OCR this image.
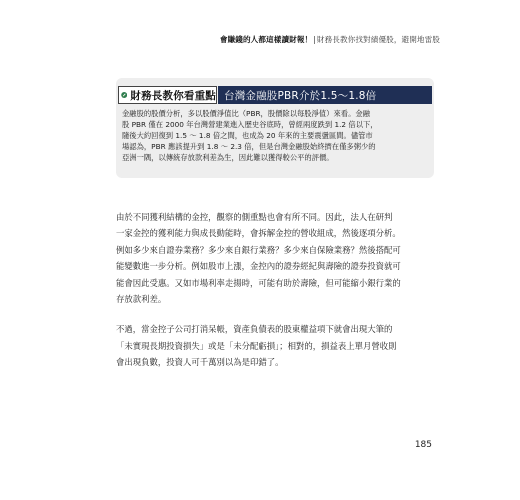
會賺錢的人都這樣讀財報！|財務長教你找對績優股，避開地雷股
財務長教你看重點 台灣金融股PBR介於1.5～1.8倍
金融股的股價分析，多以股價淨值比（PBR，股價除以每股淨值）來看。金融
股 PBR 僅在 2000 年台灣營建業進入歷史谷底時，曾經兩度跌到 1.2 倍以下，
隨後大約回復到 1.5 ～ 1.8 倍之間，也成為 20 年來的主要震盪區間。儘管市
場認為，PBR 應該提升到 1.8 ～ 2.3 倍，但是台灣金融股始終擠在僅多粥少的
亞洲一隅，以傳統存放款利差為生，因此難以獲得較公平的評價。
由於不同獲利結構的金控，觀察的側重點也會有所不同。因此，法人在研判
一家金控的獲利能力與成長動能時，會拆解金控的營收組成，然後逐項分析。
例如多少來自證券業務？多少來自銀行業務？多少來自保險業務？然後搭配可
能變數進一步分析。例如股市上漲，金控內的證券經紀與壽險的證券投資就可
能會因此受惠。又如市場利率走揚時，可能有助於壽險，但可能縮小銀行業的
存放款利差。
不過，當金控子公司打消呆帳，資產負債表的股東權益項下就會出現大筆的
「未實現長期投資損失」或是「未分配虧損」；相對的，損益表上單月營收則
會出現負數，投資人可千萬別以為是印錯了。
185
